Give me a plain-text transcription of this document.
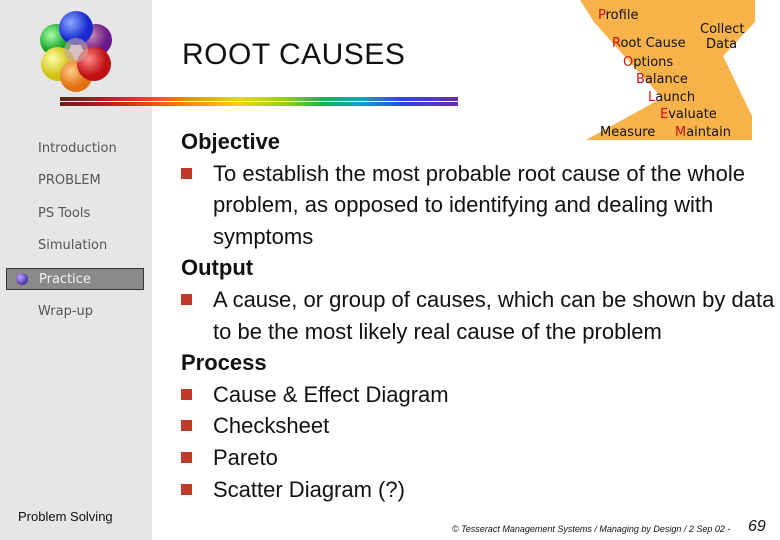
Introduction
PROBLEM
PS Tools
Simulation
Practice
Wrap-up
Problem Solving
ROOT CAUSES
Profile
Collect
Data
Root Cause
Options
Balance
Launch
Evaluate
Measure Maintain
Objective
To establish the most probable root cause of the whole problem, as opposed to identifying and dealing with symptoms
Output
A cause, or group of causes, which can be shown by data to be the most likely real cause of the problem
Process
Cause & Effect Diagram
Checksheet
Pareto
Scatter Diagram (?)
© Tesseract Management Systems / Managing by Design / 2 Sep 02 - 69
